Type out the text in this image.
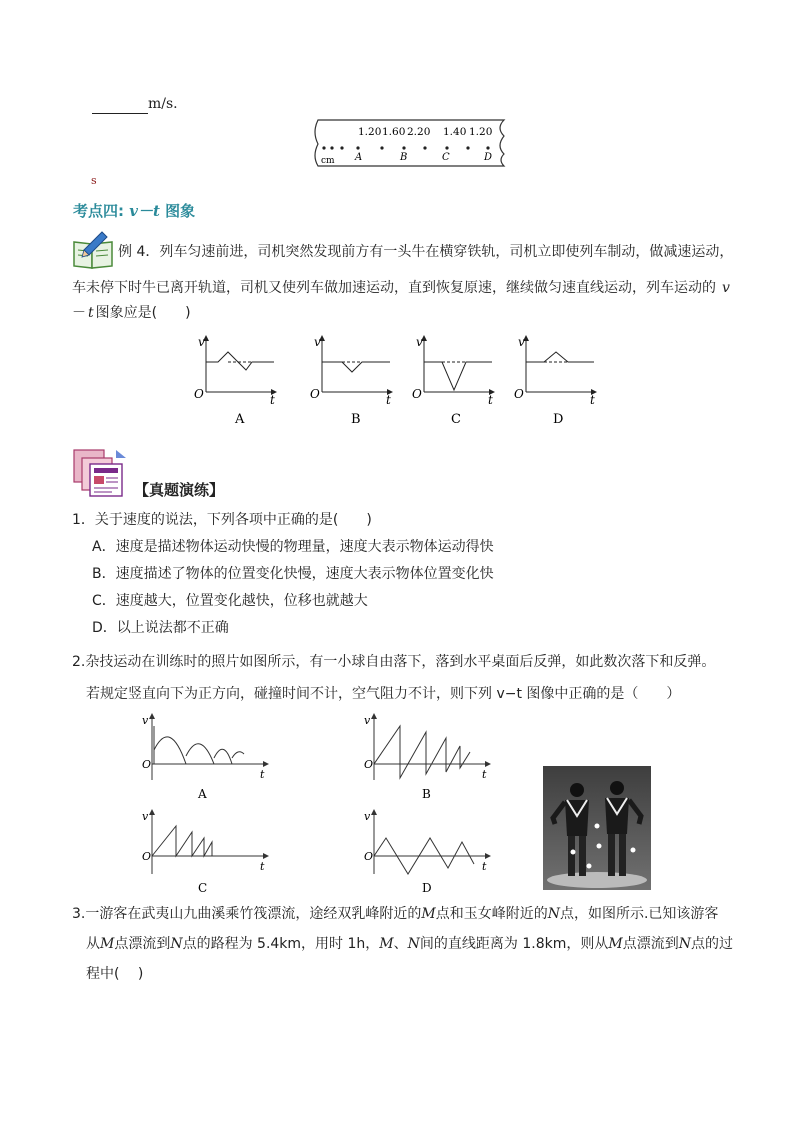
m/s.
1.20 1.60 2.20 1.40 1.20
A	B	C	D
cm
s
考点四: v－t 图象
例 4．列车匀速前进，司机突然发现前方有一头牛在横穿铁轨，司机立即使列车制动，做减速运动，
车未停下时牛已离开轨道，司机又使列车做加速运动，直到恢复原速，继续做匀速直线运动，列车运动的 v
－ t 图象应是(　　)
O
v
t
A
O
v
t
B
O
v
t
C
O
v
t
D
【真题演练】
1．关于速度的说法，下列各项中正确的是(　　)
A．速度是描述物体运动快慢的物理量，速度大表示物体运动得快
B．速度描述了物体的位置变化快慢，速度大表示物体位置变化快
C．速度越大，位置变化越快，位移也就越大
D．以上说法都不正确
2.杂技运动在训练时的照片如图所示，有一小球自由落下，落到水平桌面后反弹，如此数次落下和反弹。
若规定竖直向下为正方向，碰撞时间不计，空气阻力不计，则下列 v−t 图像中正确的是（　　）
O
v
t
A
O
v
t
B
O
v
t
C
O
v
t
D
3.一游客在武夷山九曲溪乘竹筏漂流，途经双乳峰附近的M点和玉女峰附近的N点，如图所示.已知该游客
从M点漂流到N点的路程为 5.4km，用时 1h，M、N间的直线距离为 1.8km，则从M点漂流到N点的过
程中(　 )
